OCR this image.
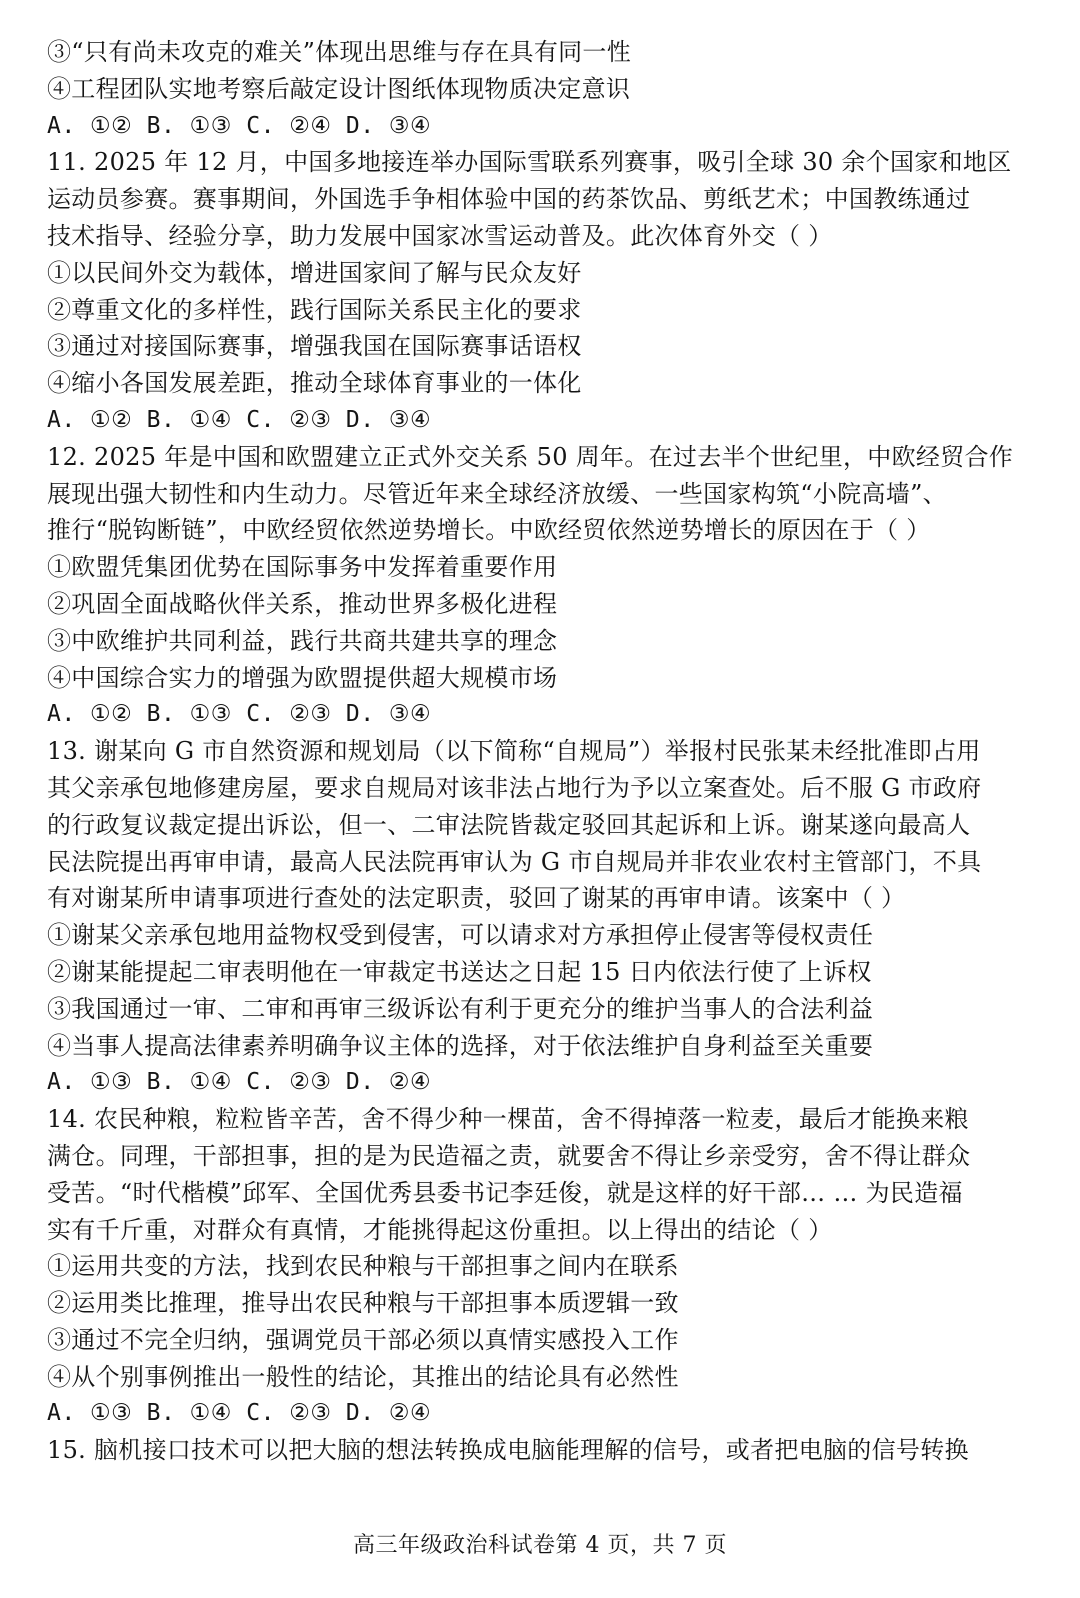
③“只有尚未攻克的难关”体现出思维与存在具有同一性
④工程团队实地考察后敲定设计图纸体现物质决定意识
A. ①② B. ①③ C. ②④ D. ③④
11. 2025 年 12 月，中国多地接连举办国际雪联系列赛事，吸引全球 30 余个国家和地区
运动员参赛。赛事期间，外国选手争相体验中国的药茶饮品、剪纸艺术；中国教练通过
技术指导、经验分享，助力发展中国家冰雪运动普及。此次体育外交（ ）
①以民间外交为载体，增进国家间了解与民众友好
②尊重文化的多样性，践行国际关系民主化的要求
③通过对接国际赛事，增强我国在国际赛事话语权
④缩小各国发展差距，推动全球体育事业的一体化
A. ①② B. ①④ C. ②③ D. ③④
12. 2025 年是中国和欧盟建立正式外交关系 50 周年。在过去半个世纪里，中欧经贸合作
展现出强大韧性和内生动力。尽管近年来全球经济放缓、一些国家构筑“小院高墙”、
推行“脱钩断链”，中欧经贸依然逆势增长。中欧经贸依然逆势增长的原因在于（ ）
①欧盟凭集团优势在国际事务中发挥着重要作用
②巩固全面战略伙伴关系，推动世界多极化进程
③中欧维护共同利益，践行共商共建共享的理念
④中国综合实力的增强为欧盟提供超大规模市场
A. ①② B. ①③ C. ②③ D. ③④
13. 谢某向 G 市自然资源和规划局（以下简称“自规局”）举报村民张某未经批准即占用
其父亲承包地修建房屋，要求自规局对该非法占地行为予以立案查处。后不服 G 市政府
的行政复议裁定提出诉讼，但一、二审法院皆裁定驳回其起诉和上诉。谢某遂向最高人
民法院提出再审申请，最高人民法院再审认为 G 市自规局并非农业农村主管部门，不具
有对谢某所申请事项进行查处的法定职责，驳回了谢某的再审申请。该案中（ ）
①谢某父亲承包地用益物权受到侵害，可以请求对方承担停止侵害等侵权责任
②谢某能提起二审表明他在一审裁定书送达之日起 15 日内依法行使了上诉权
③我国通过一审、二审和再审三级诉讼有利于更充分的维护当事人的合法利益
④当事人提高法律素养明确争议主体的选择，对于依法维护自身利益至关重要
A. ①③ B. ①④ C. ②③ D. ②④
14. 农民种粮，粒粒皆辛苦，舍不得少种一棵苗，舍不得掉落一粒麦，最后才能换来粮
满仓。同理，干部担事，担的是为民造福之责，就要舍不得让乡亲受穷，舍不得让群众
受苦。“时代楷模”邱军、全国优秀县委书记李廷俊，就是这样的好干部… … 为民造福
实有千斤重，对群众有真情，才能挑得起这份重担。以上得出的结论（ ）
①运用共变的方法，找到农民种粮与干部担事之间内在联系
②运用类比推理，推导出农民种粮与干部担事本质逻辑一致
③通过不完全归纳，强调党员干部必须以真情实感投入工作
④从个别事例推出一般性的结论，其推出的结论具有必然性
A. ①③ B. ①④ C. ②③ D. ②④
15. 脑机接口技术可以把大脑的想法转换成电脑能理解的信号，或者把电脑的信号转换
高三年级政治科试卷第 4 页，共 7 页
